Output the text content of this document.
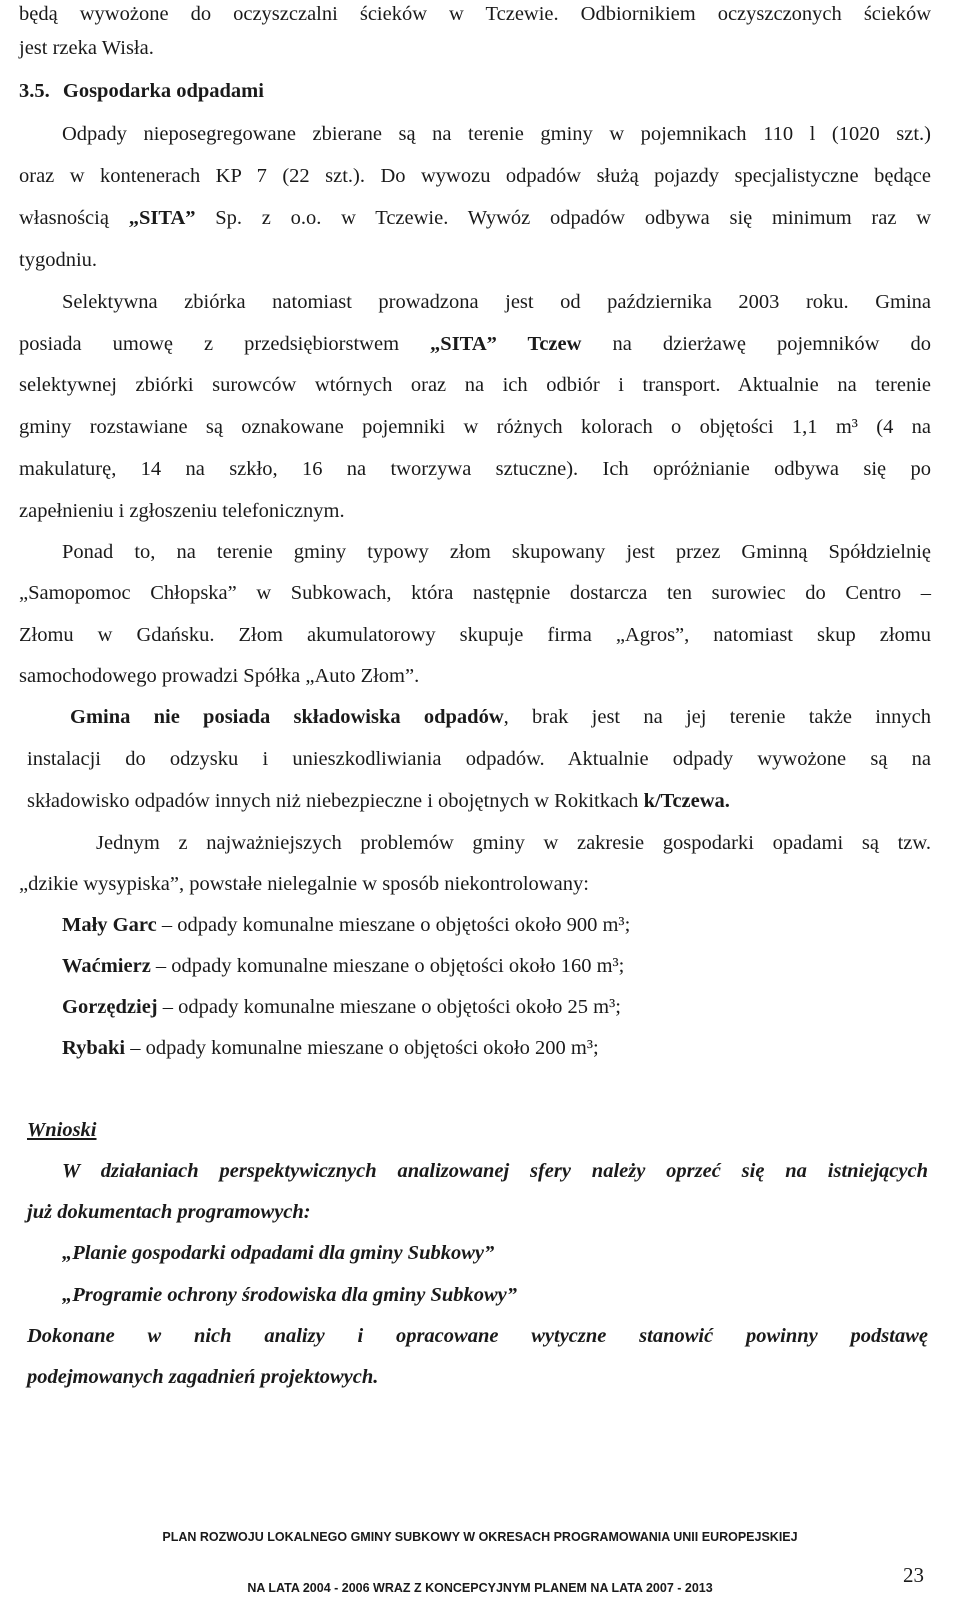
będą wywożone do oczyszczalni ścieków w Tczewie. Odbiornikiem oczyszczonych ścieków
jest rzeka Wisła.
3.5. Gospodarka odpadami
Odpady nieposegregowane zbierane są na terenie gminy w pojemnikach 110 l (1020 szt.)
oraz w kontenerach KP 7 (22 szt.). Do wywozu odpadów służą pojazdy specjalistyczne będące
własnością „SITA” Sp. z o.o. w Tczewie. Wywóz odpadów odbywa się minimum raz w
tygodniu.
Selektywna zbiórka natomiast prowadzona jest od października 2003 roku. Gmina
posiada umowę z przedsiębiorstwem „SITA” Tczew na dzierżawę pojemników do
selektywnej zbiórki surowców wtórnych oraz na ich odbiór i transport. Aktualnie na terenie
gminy rozstawiane są oznakowane pojemniki w różnych kolorach o objętości 1,1 m³ (4 na
makulaturę, 14 na szkło, 16 na tworzywa sztuczne). Ich opróżnianie odbywa się po
zapełnieniu i zgłoszeniu telefonicznym.
Ponad to, na terenie gminy typowy złom skupowany jest przez Gminną Spółdzielnię
„Samopomoc Chłopska” w Subkowach, która następnie dostarcza ten surowiec do Centro –
Złomu w Gdańsku. Złom akumulatorowy skupuje firma „Agros”, natomiast skup złomu
samochodowego prowadzi Spółka „Auto Złom”.
Gmina nie posiada składowiska odpadów, brak jest na jej terenie także innych
instalacji do odzysku i unieszkodliwiania odpadów. Aktualnie odpady wywożone są na
składowisko odpadów innych niż niebezpieczne i obojętnych w Rokitkach k/Tczewa.
Jednym z najważniejszych problemów gminy w zakresie gospodarki opadami są tzw.
„dzikie wysypiska”, powstałe nielegalnie w sposób niekontrolowany:
Mały Garc – odpady komunalne mieszane o objętości około 900 m³;
Waćmierz – odpady komunalne mieszane o objętości około 160 m³;
Gorzędziej – odpady komunalne mieszane o objętości około 25 m³;
Rybaki – odpady komunalne mieszane o objętości około 200 m³;
Wnioski
W działaniach perspektywicznych analizowanej sfery należy oprzeć się na istniejących
już dokumentach programowych:
„Planie gospodarki odpadami dla gminy Subkowy”
„Programie ochrony środowiska dla gminy Subkowy”
Dokonane w nich analizy i opracowane wytyczne stanowić powinny podstawę
podejmowanych zagadnień projektowych.
PLAN ROZWOJU LOKALNEGO GMINY SUBKOWY W OKRESACH PROGRAMOWANIA UNII EUROPEJSKIEJ
NA LATA 2004 - 2006 WRAZ Z KONCEPCYJNYM PLANEM NA LATA 2007 - 2013
23
